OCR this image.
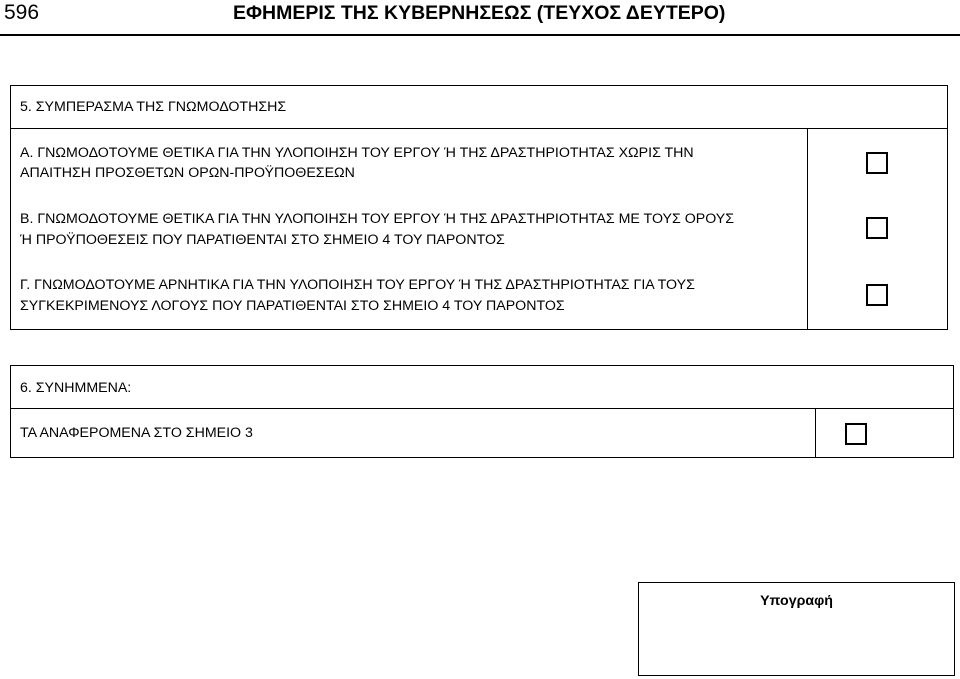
596	ΕΦΗΜΕΡΙΣ ΤΗΣ ΚΥΒΕΡΝΗΣΕΩΣ (ΤΕΥΧΟΣ ΔΕΥΤΕΡΟ)
5. ΣΥΜΠΕΡΑΣΜΑ ΤΗΣ ΓΝΩΜΟΔΟΤΗΣΗΣ
Α. ΓΝΩΜΟΔΟΤΟΥΜΕ ΘΕΤΙΚΑ ΓΙΑ ΤΗΝ ΥΛΟΠΟΙΗΣΗ ΤΟΥ ΕΡΓΟΥ Ή ΤΗΣ ΔΡΑΣΤΗΡΙΟΤΗΤΑΣ ΧΩΡΙΣ ΤΗΝ
ΑΠΑΙΤΗΣΗ ΠΡΟΣΘΕΤΩΝ ΟΡΩΝ-ΠΡΟΫΠΟΘΕΣΕΩΝ
Β. ΓΝΩΜΟΔΟΤΟΥΜΕ ΘΕΤΙΚΑ ΓΙΑ ΤΗΝ ΥΛΟΠΟΙΗΣΗ ΤΟΥ ΕΡΓΟΥ Ή ΤΗΣ ΔΡΑΣΤΗΡΙΟΤΗΤΑΣ ΜΕ ΤΟΥΣ ΟΡΟΥΣ
Ή ΠΡΟΫΠΟΘΕΣΕΙΣ ΠΟΥ ΠΑΡΑΤΙΘΕΝΤΑΙ ΣΤΟ ΣΗΜΕΙΟ 4 ΤΟΥ ΠΑΡΟΝΤΟΣ
Γ. ΓΝΩΜΟΔΟΤΟΥΜΕ ΑΡΝΗΤΙΚΑ ΓΙΑ ΤΗΝ ΥΛΟΠΟΙΗΣΗ ΤΟΥ ΕΡΓΟΥ Ή ΤΗΣ ΔΡΑΣΤΗΡΙΟΤΗΤΑΣ ΓΙΑ ΤΟΥΣ
ΣΥΓΚΕΚΡΙΜΕΝΟΥΣ ΛΟΓΟΥΣ ΠΟΥ ΠΑΡΑΤΙΘΕΝΤΑΙ ΣΤΟ ΣΗΜΕΙΟ 4 ΤΟΥ ΠΑΡΟΝΤΟΣ
6. ΣΥΝΗΜΜΕΝΑ:
ΤΑ ΑΝΑΦΕΡΟΜΕΝΑ ΣΤΟ ΣΗΜΕΙΟ 3
Υπογραφή
